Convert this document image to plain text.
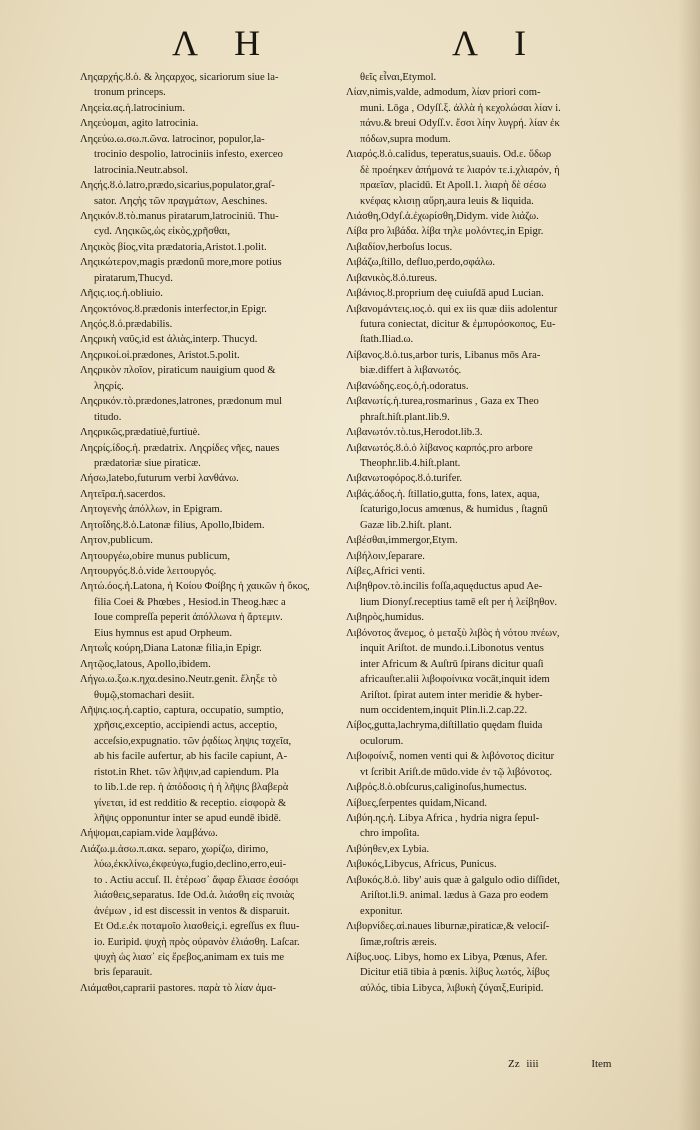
Λ Η	Λ Ι
Ληςαρχής.ȣ.ὁ. & ληςαρχος, sicariorum siue la-
tronum princeps.
Ληςεία.ας.ἡ.latrocinium.
Ληςεύομαι, agito latrocinia.
Ληςεύω.ω.σω.π.ῶνα. latrocinor, populor,la-
trocinio despolio, latrociniis infesto, exerceo
latrocinia.Neutr.absol.
Ληςής.ȣ.ὁ.latro,prædo,sicarius,populator,graſ-
sator. Ληςὴς τῶν πραγμάτων, Aeschines.
Ληςικόν.ȣ.τὸ.manus piratarum,latrociniū. Thu-
cyd. Ληςικῶς,ὡς εἰκὸς,χρῆσθαι,
Ληςικὸς βίος,vita prædatoria,Aristot.1.polit.
Ληςικώτερον,magis prædonū more,more potius
piratarum,Thucyd.
Λῆςις.ιος.ἡ.obliuio.
Ληςοκτόνος.ȣ.prædonis interfector,in Epigr.
Ληςός.ȣ.ὁ.prædabilis.
Ληςρικὴ ναῦς,id est ἁλιὰς,interp. Thucyd.
Ληςρικοί.οἱ.prædones, Aristot.5.polit.
Ληςρικὸν πλοῖον, piraticum nauigium quod &
ληςρίς.
Ληςρικόν.τὸ.prædones,latrones, prædonum mul
titudo.
Ληςρικῶς,prædatiuè,furtiuè.
Ληςρίς.ίδος.ἡ. prædatrix. Ληςρίδες νῆες, naues
prædatoriæ siue piraticæ.
Λήσω,latebo,futurum verbi λανθάνω.
Λητεῖρα.ἡ.sacerdos.
Λητογενὴς ἀπόλλων, in Epigram.
Λητοΐδης.ȣ.ὁ.Latonæ filius, Apollo,Ibidem.
Λητον,publicum.
Λητουργέω,obire munus publicum,
Λητουργός.ȣ.ὁ.vide λειτουργός.
Λητώ.όος.ἡ.Latona, ἡ Κοίου Φοίβης ἡ χαικῶν ἡ ὄκος,
filia Coei & Phœbes , Hesiod.in Theog.hæc a
Ioue compreſſa peperit ἀπόλλωνα ἡ ἄρτεμιν.
Eius hymnus est apud Orpheum.
Λητωῒς κούρη,Diana Latonæ filia,in Epigr.
Λητῷος,latous, Apollo,ibidem.
Λήγω.ω.ξω.κ.ηχα.desino.Neutr.genit. ἔληξε τὸ
θυμῷ,stomachari desiit.
Λῆψις.ιος.ἡ.captio, captura, occupatio, sumptio,
χρῆσις,exceptio, accipiendi actus, acceptio,
acceſsio,expugnatio. τῶν ῥᾳδίως ληψις ταχεῖα,
ab his facile aufertur, ab his facile capiunt, A-
ristot.in Rhet. τῶν λῆψιν,ad capiendum. Pla
to lib.1.de rep. ἡ ἀπόδοσις ἡ ἡ λῆψις βλαβερὰ
γίνεται, id est redditio & receptio. εἰσφορὰ &
λῆψις opponuntur inter se apud eundē ibidē.
Λήψομαι,capiam.vide λαμβάνω.
Λιάζω.μ.ἀσω.π.ακα. separo, χωρίζω, dirimo,
λύω,ἐκκλίνω,ἐκφεύγω,fugio,declino,erro,eui-
to . Actiu accuſ. Il. ἑτέρωσ᾽ ἄφαρ ἔλιασε ἐσσόφι
λιάσθεις,separatus. Ide Od.ἀ. λιάσθη εἰς πνοιὰς
ἀνέμων , id est discessit in ventos & disparuit.
Et Od.ε.ἐκ ποταμοῖο λιασθείς,i. egreſſus ex fluu-
io. Euripid. ψυχὴ πρὸς οὐρανὸν ἐλιάσθη. Laſcar.
ψυχὴ ὡς λιασ᾽ εἰς ἔρεβος,animam ex tuis me
bris ſeparauit.
Λιάμαθοι,caprarii pastores. παρὰ τὸ λίαν ἀμα-
θεῖς εἶναι,Etymol.
Λίαν,nimis,valde, admodum, λίαν priori com-
muni. Lōga , Odyſſ.ξ. ἀλλὰ ἡ κεχολώσαι λίαν i.
πάνυ.& breui Odyſſ.ν. ἔσσι λίην λυγρή. λίαν ἐκ
πόδων,supra modum.
Λιαρός.ȣ.ὁ.calidus, teperatus,suauis. Od.ε. ὕδωρ
δὲ προέηκεν ἀπήμονά τε λιαρόν τε.i.χλιαρόν, ἡ
πραεῖαν, placidū. Et Apoll.1. λιαρὴ δὲ σέσω
κνέφας κλισιῃ αὔρη,aura leuis & liquida.
Λιάσθη,Odyſ.ἀ.ἐχωρίσθη,Didym. vide λιάζω.
Λίβα pro λιβάδα. λίβα τηλε μολόντες,in Epigr.
Λιβαδίον,herboſus locus.
Λιβάζω,ſtillo, defluo,perdo,σφάλω.
Λιβανικὸς.ȣ.ὁ.tureus.
Λιβάνιος.ȣ.proprium deę cuiuſdā apud Lucian.
Λιβανομάντεις.ιος.ὁ. qui ex iis quæ diis adolentur
futura coniectat, dicitur & ἐμπυρόσκοπος, Eu-
ſtath.Iliad.ω.
Λίβανος.ȣ.ὁ.tus,arbor turis, Libanus mōs Ara-
biæ.differt à λιβανωτός.
Λιβανώδης.εος.ὁ,ἡ.odoratus.
Λιβανωτίς.ἡ.turea,rosmarinus , Gaza ex Theo
phraſt.hiſt.plant.lib.9.
Λιβανωτόν.τὸ.tus,Herodot.lib.3.
Λιβανωτός.ȣ.ὁ.ὁ λίβανος καρπός.pro arbore
Theophr.lib.4.hiſt.plant.
Λιβανωτοφόρος.ȣ.ὁ.turifer.
Λιβάς.άδος.ἡ. ſtillatio,gutta, fons, latex, aqua,
ſcaturigo,locus amœnus, & humidus , ſtagnū
Gazæ lib.2.hiſt. plant.
Λιβέσθαι,immergor,Etym.
Λιβήλοιν,ſeparare.
Λίβες,Africi venti.
Λιβηθρον.τὸ.incilis foſſa,aquęductus apud Ae-
lium Dionyſ.receptius tamē eſt per ἡ λείβηθον.
Λιβηρὸς,humidus.
Λιβόνοτος ἄνεμος, ὁ μεταξὺ λιβὸς ἡ νότου πνέων,
inquit Ariſtot. de mundo.i.Libonotus ventus
inter Africum & Auſtrū ſpirans dicitur quaſi
africauſter.alii λιβοφοίνικα vocāt,inquit idem
Ariſtot. ſpirat autem inter meridie & hyber-
num occidentem,inquit Plin.li.2.cap.22.
Λίβος,gutta,lachryma,diſtillatio quędam fluida
oculorum.
Λιβοφοίνιξ, nomen venti qui & λιβόνοτος dicitur
vt ſcribit Ariſt.de mūdo.vide ἐν τῷ λιβόνοτος.
Λιβρός.ȣ.ὁ.obſcurus,caliginoſus,humectus.
Λίβυες,ſerpentes quidam,Nicand.
Λιβύη.ης.ἡ. Libya Africa , hydria nigra ſepul-
chro impoſita.
Λιβύηθεν,ex Lybia.
Λιβυκός,Libycus, Africus, Punicus.
Λιβυκός.ȣ.ὁ. liby' auis quæ à galgulo odio diſſidet,
Ariſtot.li.9. animal. lædus à Gaza pro eodem
exponitur.
Λιβυρνίδες.αἱ.naues liburnæ,piraticæ,& velociſ-
ſimæ,roſtris æreis.
Λίβυς.υος. Libys, homo ex Libya, Pœnus, Afer.
Dicitur etiā tibia à pœnis. λίβυς λωτός, λίβυς
αὐλός, tibia Libyca, λιβυκὴ ζύγαιξ,Euripid.
Zz iiii	Item
